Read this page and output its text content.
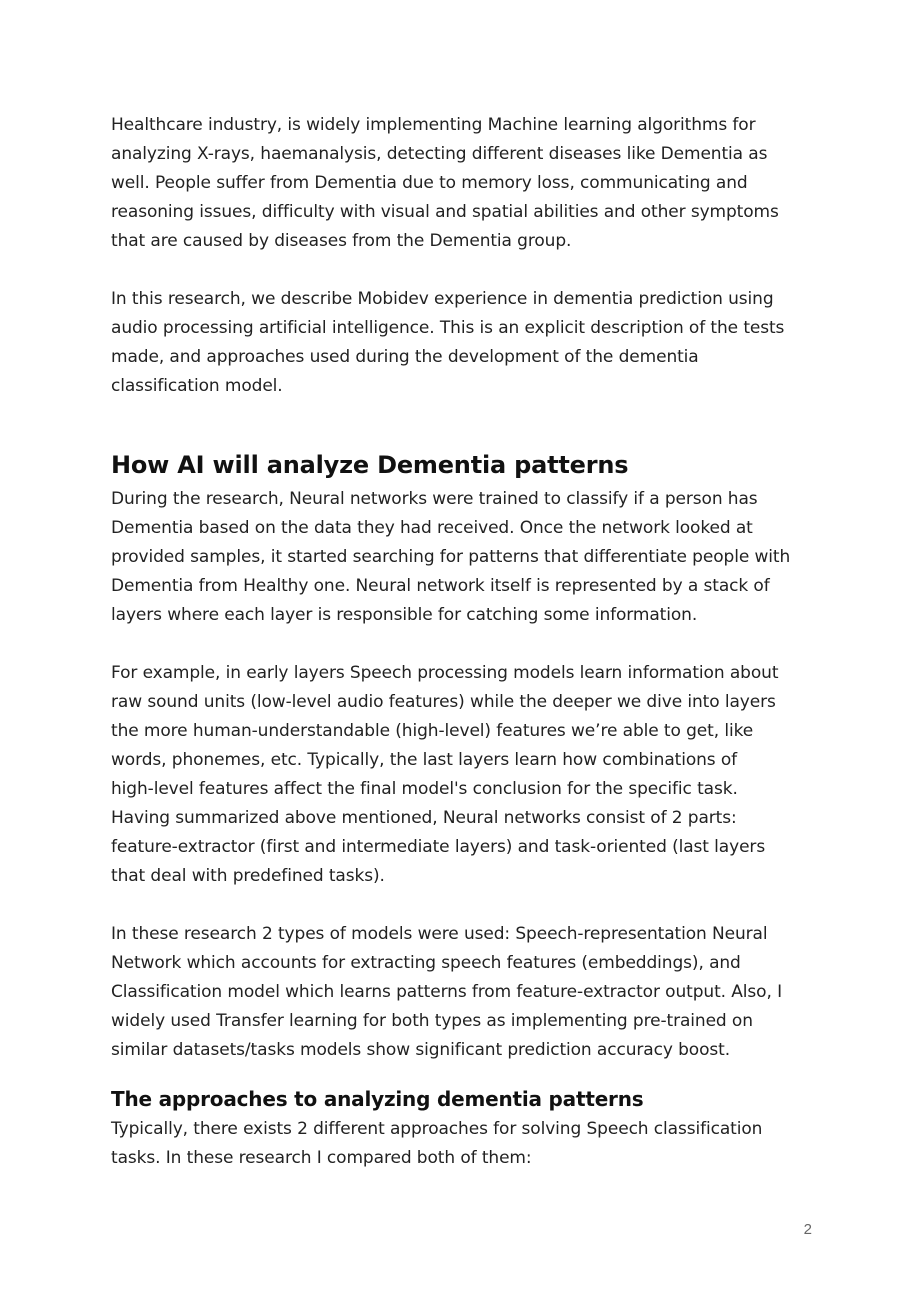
Healthcare industry, is widely implementing Machine learning algorithms for
analyzing X-rays, haemanalysis, detecting different diseases like Dementia as
well. People suffer from Dementia due to memory loss, communicating and
reasoning issues, difficulty with visual and spatial abilities and other symptoms
that are caused by diseases from the Dementia group.

In this research, we describe Mobidev experience in dementia prediction using
audio processing artificial intelligence. This is an explicit description of the tests
made, and approaches used during the development of the dementia
classification model.

How AI will analyze Dementia patterns

During the research, Neural networks were trained to classify if a person has
Dementia based on the data they had received. Once the network looked at
provided samples, it started searching for patterns that differentiate people with
Dementia from Healthy one. Neural network itself is represented by a stack of
layers where each layer is responsible for catching some information.

For example, in early layers Speech processing models learn information about
raw sound units (low-level audio features) while the deeper we dive into layers
the more human-understandable (high-level) features we’re able to get, like
words, phonemes, etc. Typically, the last layers learn how combinations of
high-level features affect the final model's conclusion for the specific task.
Having summarized above mentioned, Neural networks consist of 2 parts:
feature-extractor (first and intermediate layers) and task-oriented (last layers
that deal with predefined tasks).

In these research 2 types of models were used: Speech-representation Neural
Network which accounts for extracting speech features (embeddings), and
Classification model which learns patterns from feature-extractor output. Also, I
widely used Transfer learning for both types as implementing pre-trained on
similar datasets/tasks models show significant prediction accuracy boost.

The approaches to analyzing dementia patterns

Typically, there exists 2 different approaches for solving Speech classification
tasks. In these research I compared both of them:

2
